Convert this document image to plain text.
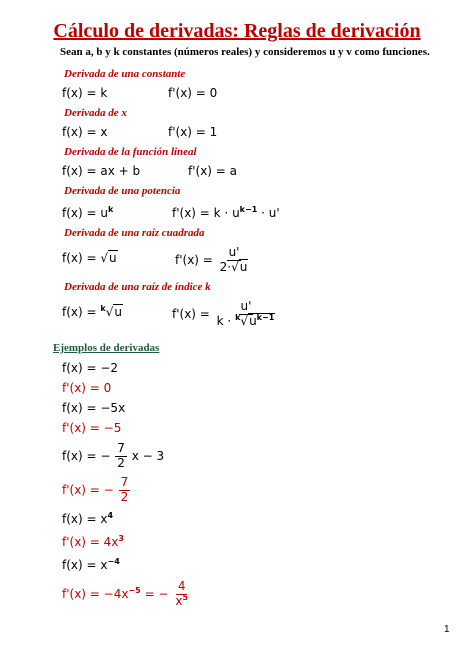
Cálculo de derivadas: Reglas de derivación
Sean a, b y k constantes (números reales) y consideremos u y v como funciones.
Derivada de una constante
f(x) = k	f'(x) = 0
Derivada de x
f(x) = x	f'(x) = 1
Derivada de la función lineal
f(x) = ax + b	f'(x) = a
Derivada de una potencia
$f(x) = u^k$	$f'(x) = k \cdot u^{k-1} \cdot u'$
Derivada de una raíz cuadrada
f(x) = √u	$f'(x) = \frac{u'}{2\cdot√u}$
Derivada de una raíz de índice k
f(x) = $^k$√u	$f'(x) = \frac{u'}{k \cdot ^k√u^{k-1}}$
Ejemplos de derivadas
f(x) = −2
f'(x) = 0
f(x) = −5x
f'(x) = −5
f(x) = − $\frac{7}{2}$ x − 3
f'(x) = − $\frac{7}{2}$
$f(x) = x^4$
$f'(x) = 4x^3$
$f(x) = x^{-4}$
$f'(x) = -4x^{-5}$ = − $\frac{4}{x^5}$
1
